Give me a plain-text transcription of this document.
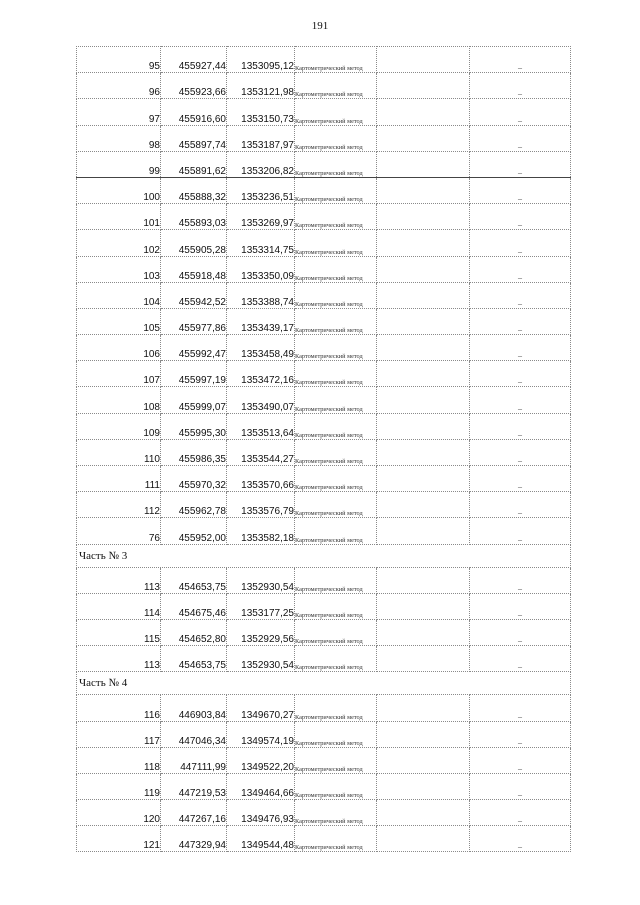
191
95	455927,44	1353095,12	Картометрический метод		–
96	455923,66	1353121,98	Картометрический метод		–
97	455916,60	1353150,73	Картометрический метод		–
98	455897,74	1353187,97	Картометрический метод		–
99	455891,62	1353206,82	Картометрический метод		–
100	455888,32	1353236,51	Картометрический метод		–
101	455893,03	1353269,97	Картометрический метод		–
102	455905,28	1353314,75	Картометрический метод		–
103	455918,48	1353350,09	Картометрический метод		–
104	455942,52	1353388,74	Картометрический метод		–
105	455977,86	1353439,17	Картометрический метод		–
106	455992,47	1353458,49	Картометрический метод		–
107	455997,19	1353472,16	Картометрический метод		–
108	455999,07	1353490,07	Картометрический метод		–
109	455995,30	1353513,64	Картометрический метод		–
110	455986,35	1353544,27	Картометрический метод		–
111	455970,32	1353570,66	Картометрический метод		–
112	455962,78	1353576,79	Картометрический метод		–
76	455952,00	1353582,18	Картометрический метод		–
Часть № 3					
113	454653,75	1352930,54	Картометрический метод		–
114	454675,46	1353177,25	Картометрический метод		–
115	454652,80	1352929,56	Картометрический метод		–
113	454653,75	1352930,54	Картометрический метод		–
Часть № 4					
116	446903,84	1349670,27	Картометрический метод		–
117	447046,34	1349574,19	Картометрический метод		–
118	447111,99	1349522,20	Картометрический метод		–
119	447219,53	1349464,66	Картометрический метод		–
120	447267,16	1349476,93	Картометрический метод		–
121	447329,94	1349544,48	Картометрический метод		–
